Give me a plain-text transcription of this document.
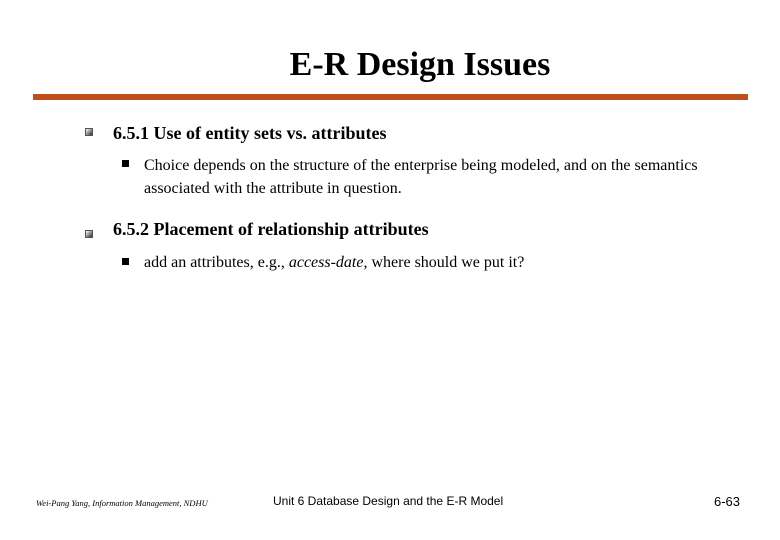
E-R Design Issues
6.5.1 Use of entity sets vs. attributes
Choice depends on the structure of the enterprise being modeled, and on the semantics associated with the attribute in question.
6.5.2 Placement of relationship attributes
add an attributes, e.g., access-date, where should we put it?
Wei-Pang Yang, Information Management, NDHU	Unit 6 Database Design and the E-R Model	6-63
